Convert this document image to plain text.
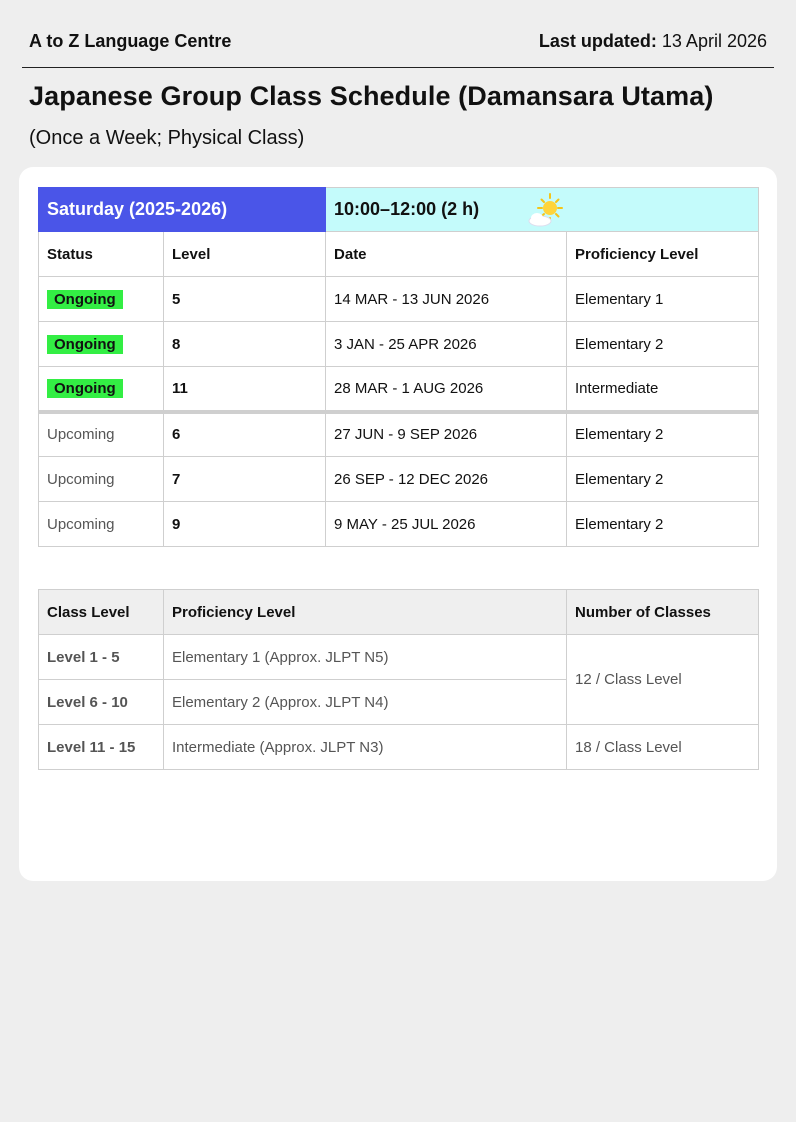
A to Z Language Centre	Last updated: 13 April 2026
Japanese Group Class Schedule (Damansara Utama)
(Once a Week; Physical Class)
Saturday (2025-2026)		10:00–12:00 (2 h)	

Status	Level	Date	Proficiency Level
Ongoing	5	14 MAR - 13 JUN 2026	Elementary 1
Ongoing	8	3 JAN - 25 APR 2026	Elementary 2
Ongoing	11	28 MAR - 1 AUG 2026	Intermediate
Upcoming	6	27 JUN - 9 SEP 2026	Elementary 2
Upcoming	7	26 SEP - 12 DEC 2026	Elementary 2
Upcoming	9	9 MAY - 25 JUL 2026	Elementary 2
Class Level	Proficiency Level	Number of Classes
Level 1 - 5	Elementary 1 (Approx. JLPT N5)	12 / Class Level
Level 6 - 10	Elementary 2 (Approx. JLPT N4)	
Level 11 - 15	Intermediate (Approx. JLPT N3)	18 / Class Level
